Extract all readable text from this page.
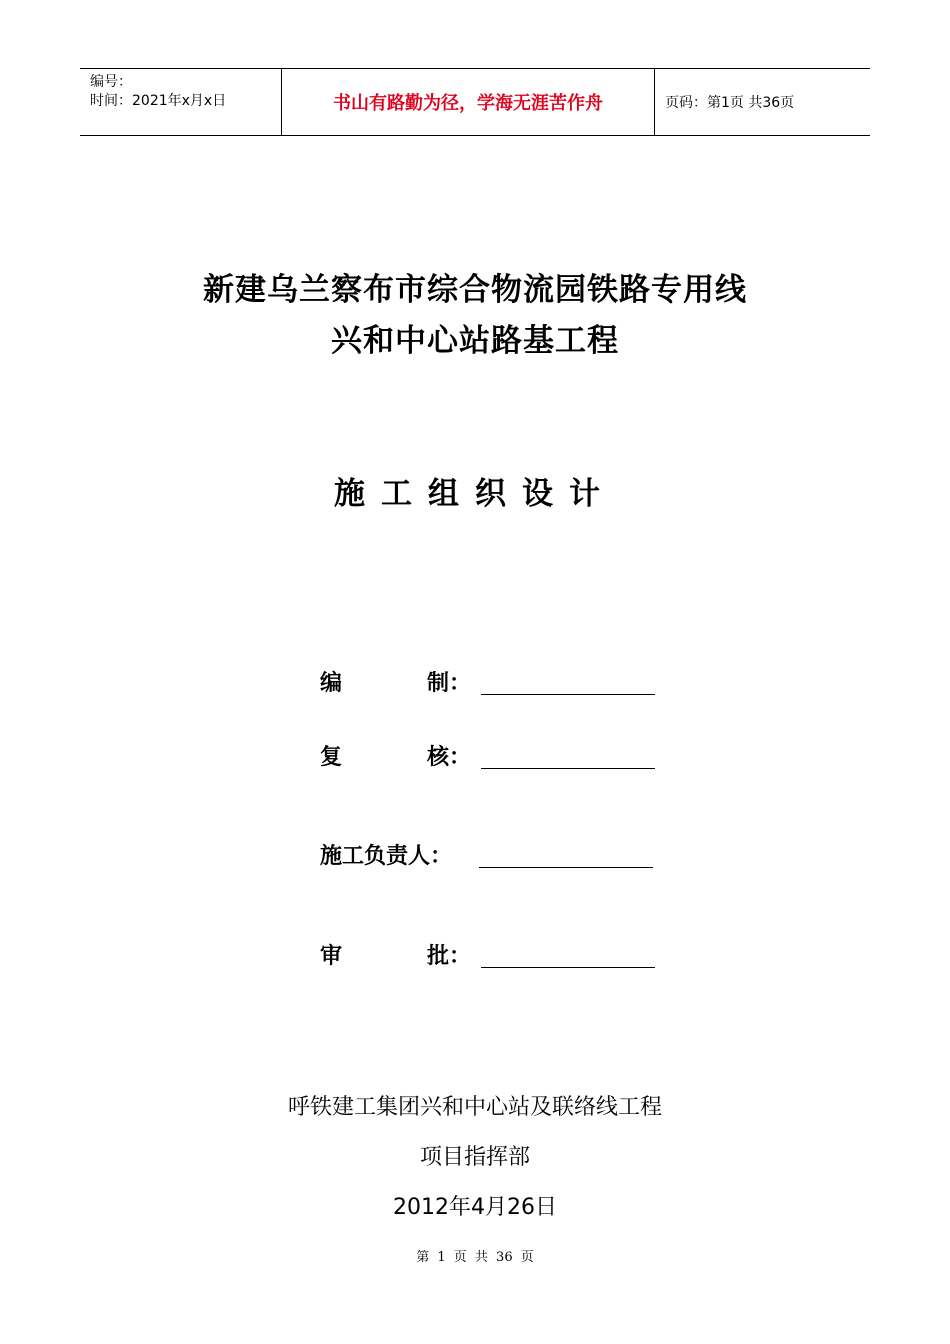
编号：
时间：2021年x月x日	书山有路勤为径，学海无涯苦作舟	页码：第1页 共36页
新建乌兰察布市综合物流园铁路专用线
兴和中心站路基工程
施工组织设计
编	制：
复	核：
施工负责人：
审	批：
呼铁建工集团兴和中心站及联络线工程
项目指挥部
2012年4月26日
第 1 页 共 36 页
